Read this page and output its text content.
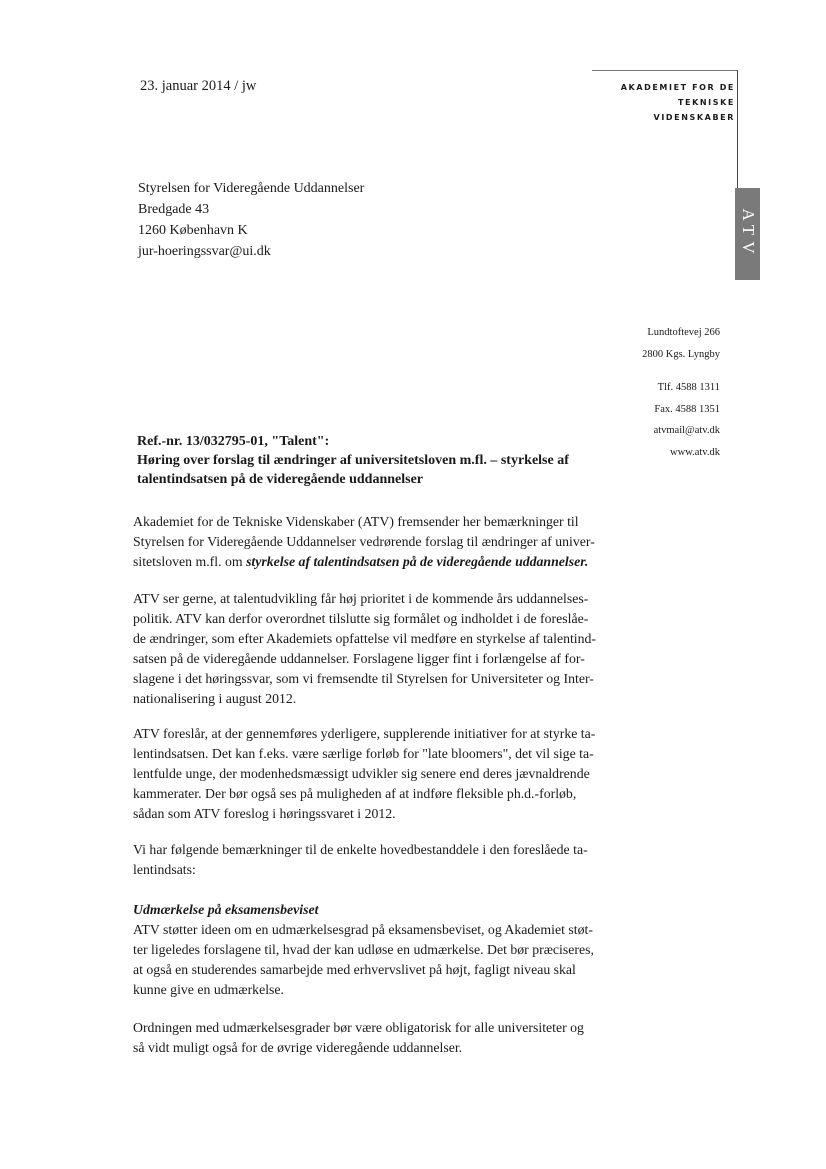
23. januar 2014 / jw	AKADEMIET FOR DE
TEKNISKE
VIDENSKABER
ATV
Styrelsen for Videregående Uddannelser
Bredgade 43
1260 København K
jur-hoeringssvar@ui.dk
Lundtoftevej 266
2800 Kgs. Lyngby
Tlf. 4588 1311
Fax. 4588 1351
atvmail@atv.dk
www.atv.dk
Ref.-nr. 13/032795-01, "Talent":
Høring over forslag til ændringer af universitetsloven m.fl. – styrkelse af
talentindsatsen på de videregående uddannelser
Akademiet for de Tekniske Videnskaber (ATV) fremsender her bemærkninger til
Styrelsen for Videregående Uddannelser vedrørende forslag til ændringer af univer-
sitetsloven m.fl. om styrkelse af talentindsatsen på de videregående uddannelser.
ATV ser gerne, at talentudvikling får høj prioritet i de kommende års uddannelses-
politik. ATV kan derfor overordnet tilslutte sig formålet og indholdet i de foreslåe-
de ændringer, som efter Akademiets opfattelse vil medføre en styrkelse af talentind-
satsen på de videregående uddannelser. Forslagene ligger fint i forlængelse af for-
slagene i det høringssvar, som vi fremsendte til Styrelsen for Universiteter og Inter-
nationalisering i august 2012.
ATV foreslår, at der gennemføres yderligere, supplerende initiativer for at styrke ta-
lentindsatsen. Det kan f.eks. være særlige forløb for "late bloomers", det vil sige ta-
lentfulde unge, der modenhedsmæssigt udvikler sig senere end deres jævnaldrende
kammerater. Der bør også ses på muligheden af at indføre fleksible ph.d.-forløb,
sådan som ATV foreslog i høringssvaret i 2012.
Vi har følgende bemærkninger til de enkelte hovedbestanddele i den foreslåede ta-
lentindsats:
Udmærkelse på eksamensbeviset
ATV støtter ideen om en udmærkelsesgrad på eksamensbeviset, og Akademiet støt-
ter ligeledes forslagene til, hvad der kan udløse en udmærkelse. Det bør præciseres,
at også en studerendes samarbejde med erhvervslivet på højt, fagligt niveau skal
kunne give en udmærkelse.
Ordningen med udmærkelsesgrader bør være obligatorisk for alle universiteter og
så vidt muligt også for de øvrige videregående uddannelser.
